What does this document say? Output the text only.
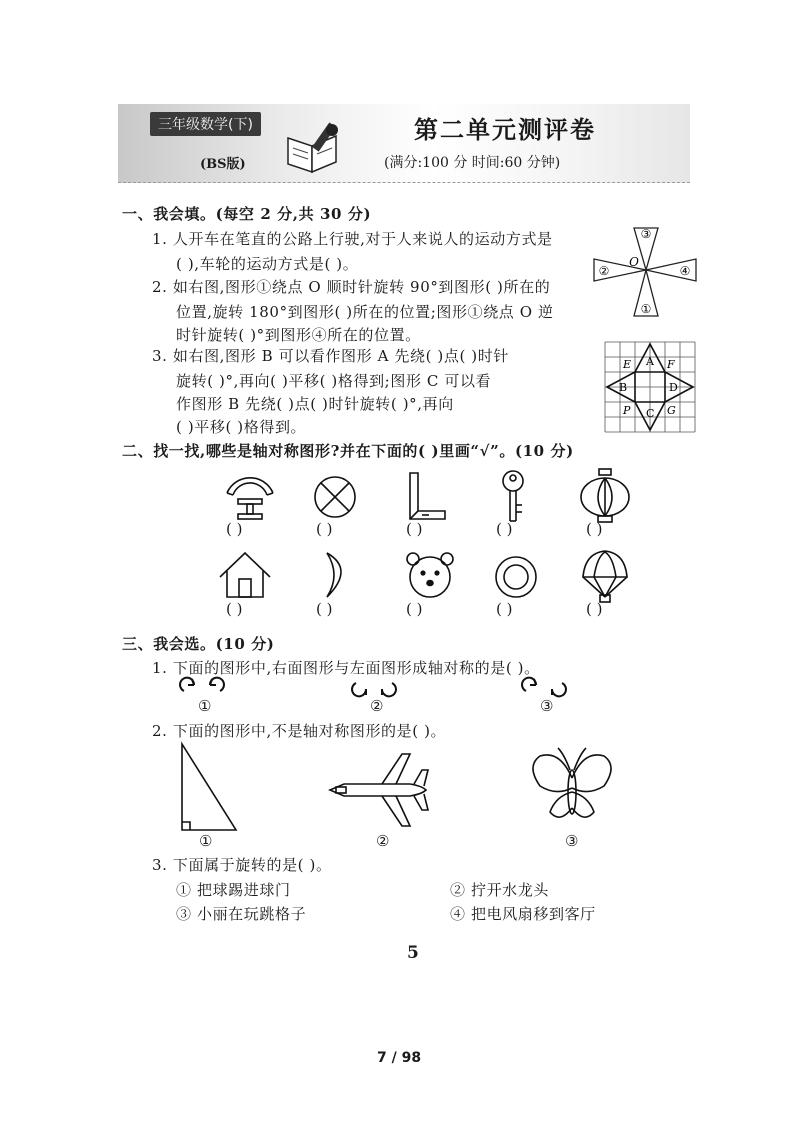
三年级数学(下)
(BS版)
第二单元测评卷
(满分:100 分 时间:60 分钟)
一、我会填。(每空 2 分,共 30 分)
1. 人开车在笔直的公路上行驶,对于人来说人的运动方式是
( ),车轮的运动方式是( )。
2. 如右图,图形①绕点 O 顺时针旋转 90°到图形( )所在的
位置,旋转 180°到图形( )所在的位置;图形①绕点 O 逆
时针旋转( )°到图形④所在的位置。
3. 如右图,图形 B 可以看作图形 A 先绕( )点( )时针
旋转( )°,再向( )平移( )格得到;图形 C 可以看
作图形 B 先绕( )点( )时针旋转( )°,再向
( )平移( )格得到。
③
②
O
④
①
E A F
B	D
P C G
二、找一找,哪些是轴对称图形?并在下面的( )里画“√”。(10 分)
( )	( )	( )	( )	( )
( )	( )	( )	( )	( )
三、我会选。(10 分)
1. 下面的图形中,右面图形与左面图形成轴对称的是( )。
①	②	③
2. 下面的图形中,不是轴对称图形的是( )。
①	②	③
3. 下面属于旋转的是( )。
① 把球踢进球门	② 拧开水龙头
③ 小丽在玩跳格子	④ 把电风扇移到客厅
5
7 / 98
